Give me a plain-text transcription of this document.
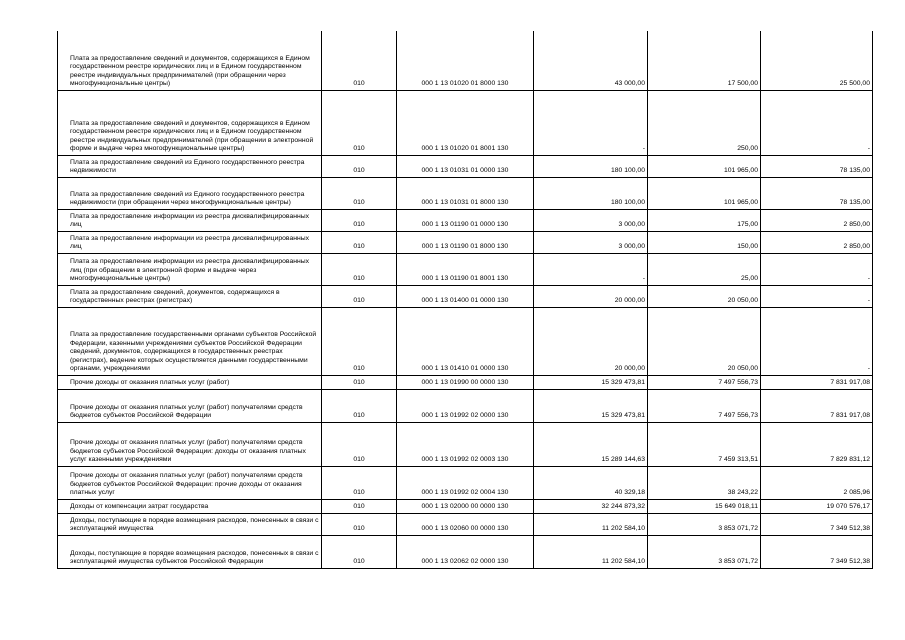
Плата за предоставление сведений и документов, содержащихся в Едином государственном реестре юридических лиц и в Едином государственном реестре индивидуальных предпринимателей (при обращении через многофункциональные центры)	010	000 1 13 01020 01 8000 130	43 000,00	17 500,00	25 500,00

Плата за предоставление сведений и документов, содержащихся в Едином государственном реестре юридических лиц и в Едином государственном реестре индивидуальных предпринимателей (при обращении в электронной форме и выдаче через многофункциональные центры)	010	000 1 13 01020 01 8001 130	-	250,00	-

Плата за предоставление сведений из Единого государственного реестра недвижимости	010	000 1 13 01031 01 0000 130	180 100,00	101 965,00	78 135,00

Плата за предоставление сведений из Единого государственного реестра недвижимости (при обращении через многофункциональные центры)	010	000 1 13 01031 01 8000 130	180 100,00	101 965,00	78 135,00

Плата за предоставление информации из реестра дисквалифицированных лиц	010	000 1 13 01190 01 0000 130	3 000,00	175,00	2 850,00

Плата за предоставление информации из реестра дисквалифицированных лиц	010	000 1 13 01190 01 8000 130	3 000,00	150,00	2 850,00

Плата за предоставление информации из реестра дисквалифицированных лиц (при обращении в электронной форме и выдаче через многофункциональные центры)	010	000 1 13 01190 01 8001 130	-	25,00	-

Плата за предоставление сведений, документов, содержащихся в государственных реестрах (регистрах)	010	000 1 13 01400 01 0000 130	20 000,00	20 050,00	-

Плата за предоставление государственными органами субъектов Российской Федерации, казенными учреждениями субъектов Российской Федерации сведений, документов, содержащихся в государственных реестрах (регистрах), ведение которых осуществляется данными государственными органами, учреждениями	010	000 1 13 01410 01 0000 130	20 000,00	20 050,00	-

Прочие доходы от оказания платных услуг (работ)	010	000 1 13 01990 00 0000 130	15 329 473,81	7 497 556,73	7 831 917,08

Прочие доходы от оказания платных услуг (работ) получателями средств бюджетов субъектов Российской Федерации	010	000 1 13 01992 02 0000 130	15 329 473,81	7 497 556,73	7 831 917,08

Прочие доходы от оказания платных услуг (работ) получателями средств бюджетов субъектов Российской Федерации: доходы от оказания платных услуг казенными учреждениями	010	000 1 13 01992 02 0003 130	15 289 144,63	7 459 313,51	7 829 831,12

Прочие доходы от оказания платных услуг (работ) получателями средств бюджетов субъектов Российской Федерации: прочие доходы от оказания платных услуг	010	000 1 13 01992 02 0004 130	40 329,18	38 243,22	2 085,96

Доходы от компенсации затрат государства	010	000 1 13 02000 00 0000 130	32 244 873,32	15 649 018,11	19 070 576,17

Доходы, поступающие в порядке возмещения расходов, понесенных в связи с эксплуатацией имущества	010	000 1 13 02060 00 0000 130	11 202 584,10	3 853 071,72	7 349 512,38

Доходы, поступающие в порядке возмещения расходов, понесенных в связи с эксплуатацией имущества субъектов Российской Федерации	010	000 1 13 02062 02 0000 130	11 202 584,10	3 853 071,72	7 349 512,38
